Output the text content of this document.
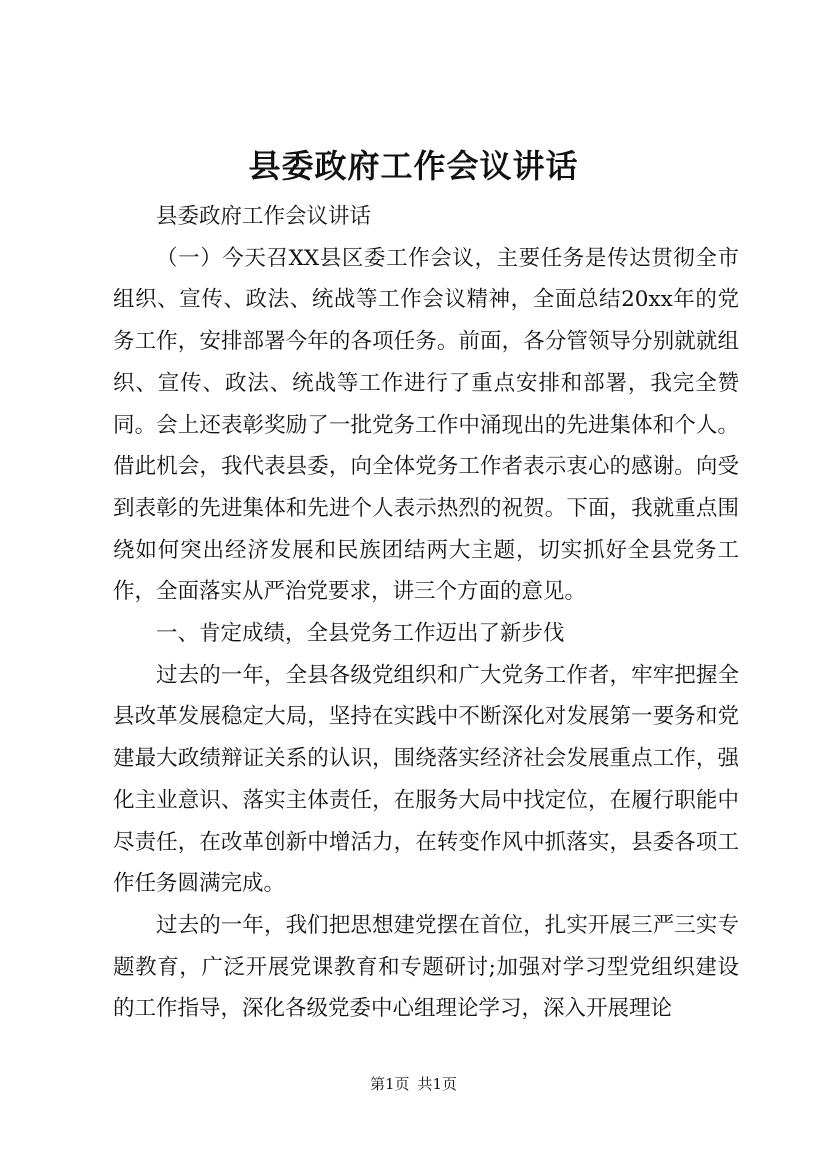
县委政府工作会议讲话

县委政府工作会议讲话

（一）今天召XX县区委工作会议，主要任务是传达贯彻全市组织、宣传、政法、统战等工作会议精神，全面总结20xx年的党务工作，安排部署今年的各项任务。前面，各分管领导分别就就组织、宣传、政法、统战等工作进行了重点安排和部署，我完全赞同。会上还表彰奖励了一批党务工作中涌现出的先进集体和个人。借此机会，我代表县委，向全体党务工作者表示衷心的感谢。向受到表彰的先进集体和先进个人表示热烈的祝贺。下面，我就重点围绕如何突出经济发展和民族团结两大主题，切实抓好全县党务工作，全面落实从严治党要求，讲三个方面的意见。

一、肯定成绩，全县党务工作迈出了新步伐

过去的一年，全县各级党组织和广大党务工作者，牢牢把握全县改革发展稳定大局，坚持在实践中不断深化对发展第一要务和党建最大政绩辩证关系的认识，围绕落实经济社会发展重点工作，强化主业意识、落实主体责任，在服务大局中找定位，在履行职能中尽责任，在改革创新中增活力，在转变作风中抓落实，县委各项工作任务圆满完成。

过去的一年，我们把思想建党摆在首位，扎实开展三严三实专题教育，广泛开展党课教育和专题研讨;加强对学习型党组织建设的工作指导，深化各级党委中心组理论学习，深入开展理论

第1页 共1页
